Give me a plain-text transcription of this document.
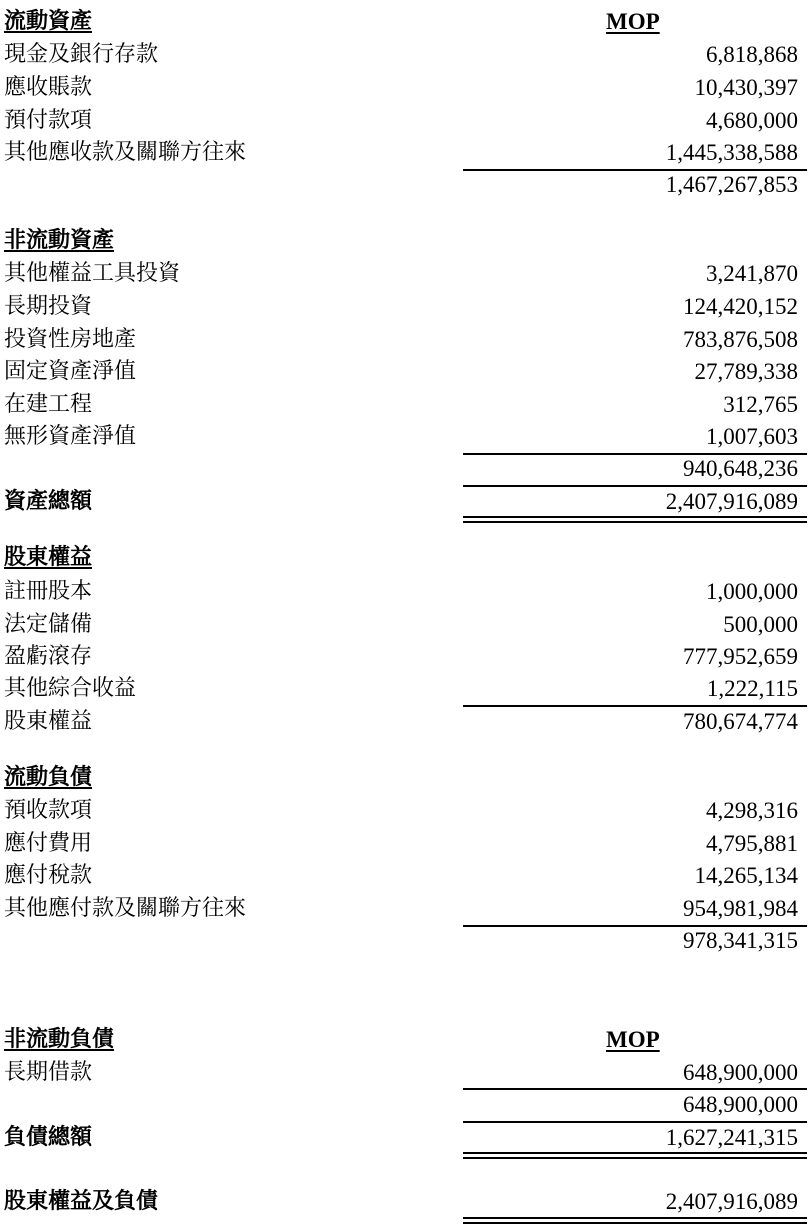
流動資產	MOP
現金及銀行存款	6,818,868
應收賬款	10,430,397
預付款項	4,680,000
其他應收款及關聯方往來	1,445,338,588
1,467,267,853
非流動資產
其他權益工具投資	3,241,870
長期投資	124,420,152
投資性房地產	783,876,508
固定資產淨值	27,789,338
在建工程	312,765
無形資產淨值	1,007,603
940,648,236
資產總額	2,407,916,089
股東權益
註冊股本	1,000,000
法定儲備	500,000
盈虧滾存	777,952,659
其他綜合收益	1,222,115
股東權益	780,674,774
流動負債
預收款項	4,298,316
應付費用	4,795,881
應付稅款	14,265,134
其他應付款及關聯方往來	954,981,984
978,341,315
非流動負債	MOP
長期借款	648,900,000
648,900,000
負債總額	1,627,241,315
股東權益及負債	2,407,916,089
